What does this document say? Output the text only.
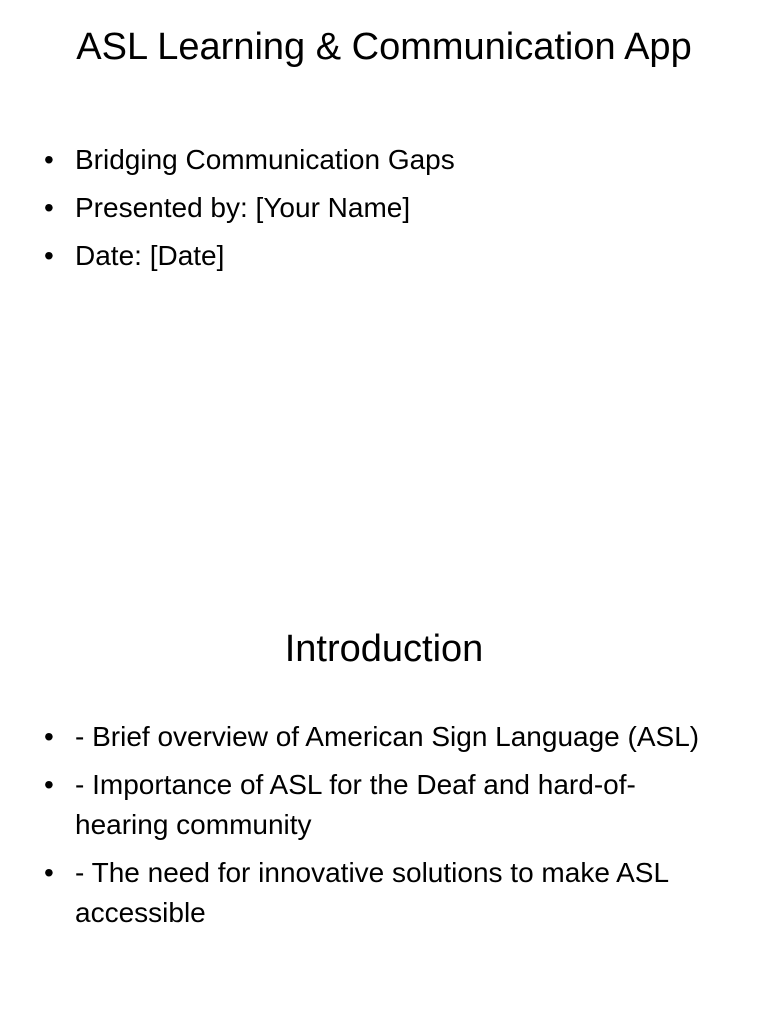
ASL Learning & Communication App
• Bridging Communication Gaps
• Presented by: [Your Name]
• Date: [Date]
Introduction
• - Brief overview of American Sign Language (ASL)
• - Importance of ASL for the Deaf and hard-of-hearing community
• - The need for innovative solutions to make ASL accessible
